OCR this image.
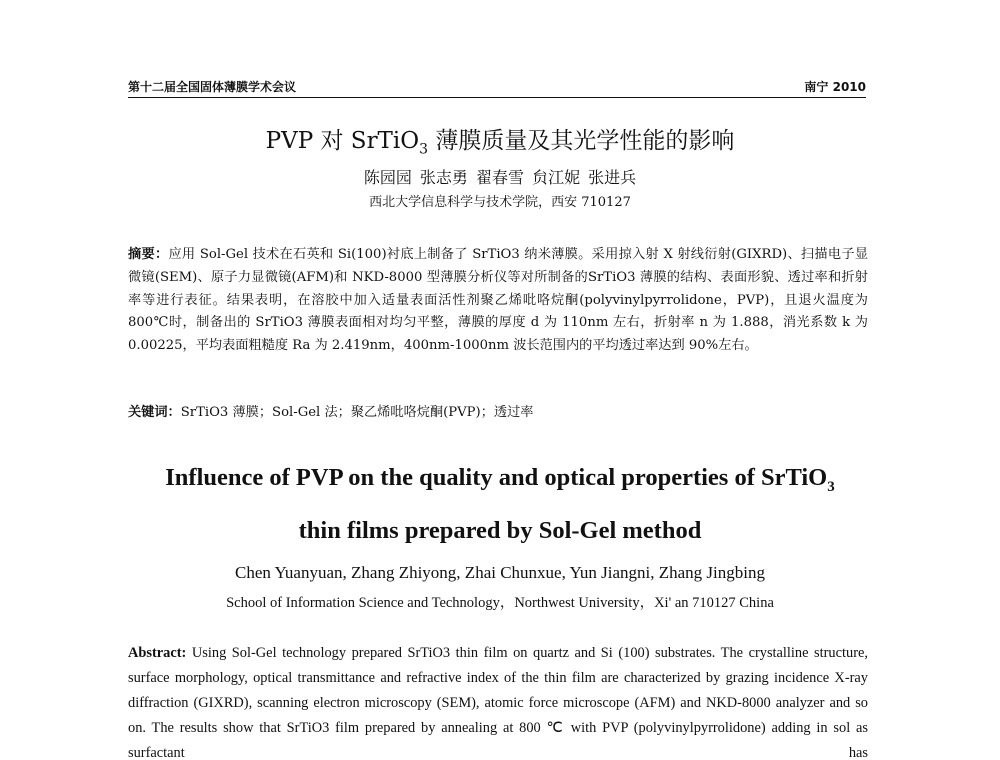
第十二届全国固体薄膜学术会议	南宁 2010
PVP 对 SrTiO$_3$ 薄膜质量及其光学性能的影响
陈园园 张志勇 翟春雪 贠江妮 张进兵
西北大学信息科学与技术学院，西安 710127

摘要：应用 Sol-Gel 技术在石英和 Si(100)衬底上制备了 SrTiO3 纳米薄膜。采用掠入射 X 射线衍射(GIXRD)、扫描电子显微镜(SEM)、原子力显微镜(AFM)和 NKD-8000 型薄膜分析仪等对所制备的SrTiO3 薄膜的结构、表面形貌、透过率和折射率等进行表征。结果表明，在溶胶中加入适量表面活性剂聚乙烯吡咯烷酮(polyvinylpyrrolidone，PVP)，且退火温度为 800℃时，制备出的 SrTiO3 薄膜表面相对均匀平整，薄膜的厚度 d 为 110nm 左右，折射率 n 为 1.888，消光系数 k 为 0.00225，平均表面粗糙度 Ra 为 2.419nm，400nm-1000nm 波长范围内的平均透过率达到 90%左右。

关键词：SrTiO3 薄膜；Sol-Gel 法；聚乙烯吡咯烷酮(PVP)；透过率

Influence of PVP on the quality and optical properties of SrTiO$_3$
thin films prepared by Sol-Gel method
Chen Yuanyuan, Zhang Zhiyong, Zhai Chunxue, Yun Jiangni, Zhang Jingbing
School of Information Science and Technology，Northwest University，Xi' an 710127 China

Abstract: Using Sol-Gel technology prepared SrTiO3 thin film on quartz and Si (100) substrates. The crystalline structure, surface morphology, optical transmittance and refractive index of the thin film are characterized by grazing incidence X-ray diffraction (GIXRD), scanning electron microscopy (SEM), atomic force microscope (AFM) and NKD-8000 analyzer and so on. The results show that SrTiO3 film prepared by annealing at 800 ℃ with PVP (polyvinylpyrrolidone) adding in sol as surfactant has
